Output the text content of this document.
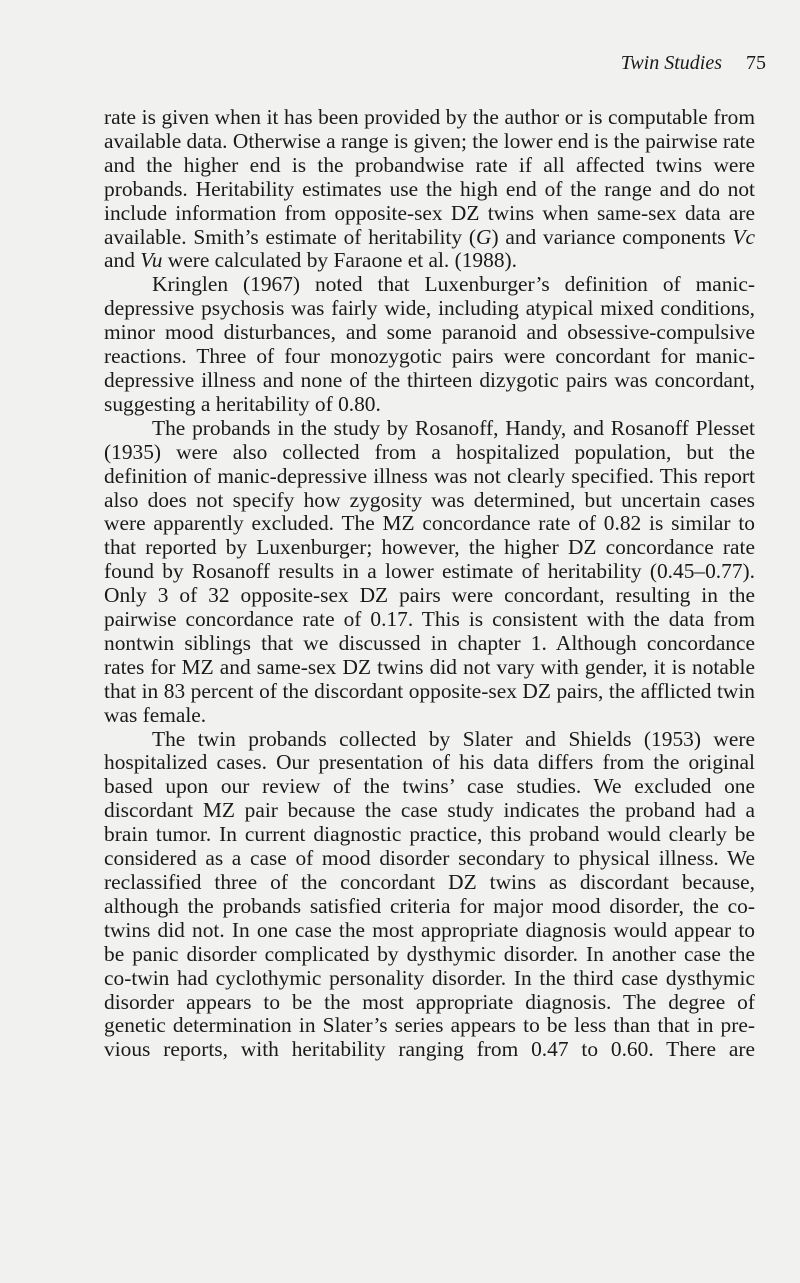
Twin Studies 75

rate is given when it has been provided by the author or is computable from available data. Otherwise a range is given; the lower end is the pairwise rate and the higher end is the probandwise rate if all affected twins were probands. Heritability estimates use the high end of the range and do not include information from opposite-sex DZ twins when same-sex data are available. Smith’s estimate of heritability (G) and variance components Vc and Vu were calculated by Faraone et al. (1988).

Kringlen (1967) noted that Luxenburger’s definition of manic-depressive psychosis was fairly wide, including atypical mixed conditions, minor mood disturbances, and some paranoid and obsessive-compulsive reactions. Three of four monozygotic pairs were concordant for manic-depressive illness and none of the thirteen dizygotic pairs was concordant, suggesting a heritability of 0.80.

The probands in the study by Rosanoff, Handy, and Rosanoff Plesset (1935) were also collected from a hospitalized population, but the definition of manic-depressive illness was not clearly specified. This report also does not specify how zygosity was determined, but uncertain cases were apparently excluded. The MZ concordance rate of 0.82 is similar to that reported by Luxenburger; however, the higher DZ concordance rate found by Rosanoff results in a lower estimate of heritability (0.45–0.77). Only 3 of 32 opposite-sex DZ pairs were concordant, resulting in the pairwise concordance rate of 0.17. This is consistent with the data from nontwin siblings that we discussed in chapter 1. Although concordance rates for MZ and same-sex DZ twins did not vary with gender, it is notable that in 83 percent of the discordant opposite-sex DZ pairs, the afflicted twin was female.

The twin probands collected by Slater and Shields (1953) were hospitalized cases. Our presentation of his data differs from the original based upon our review of the twins’ case studies. We excluded one discordant MZ pair because the case study indicates the proband had a brain tumor. In current diagnostic practice, this proband would clearly be considered as a case of mood disorder secondary to physical illness. We reclassified three of the concordant DZ twins as discordant because, although the probands satisfied criteria for major mood disorder, the co-twins did not. In one case the most appropriate diagnosis would appear to be panic disorder complicated by dysthymic disorder. In another case the co-twin had cyclothymic personality disorder. In the third case dysthymic disorder appears to be the most appropriate diagnosis. The degree of genetic determination in Slater’s series appears to be less than that in previous reports, with heritability ranging from 0.47 to 0.60. There are
